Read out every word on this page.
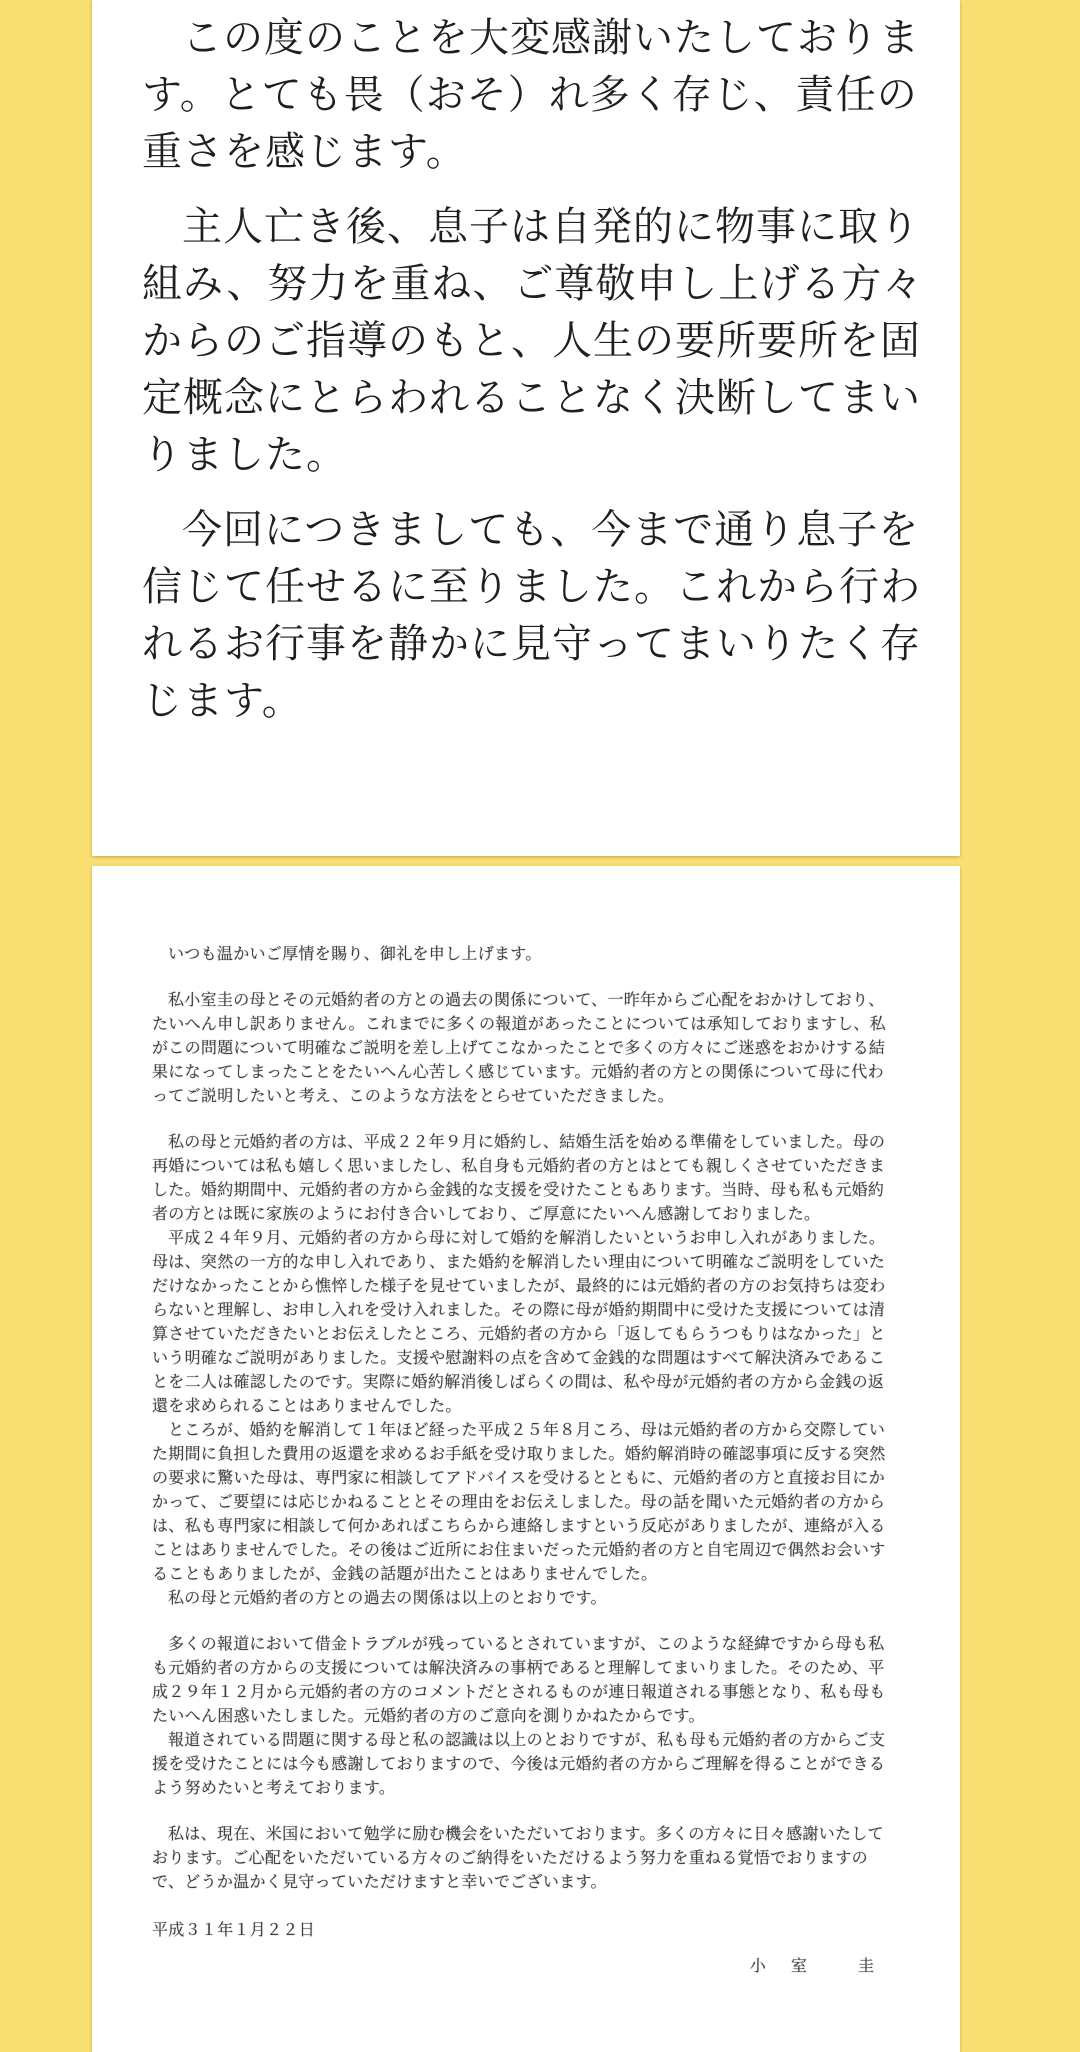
この度のことを大変感謝いたしております。とても畏（おそ）れ多く存じ、責任の重さを感じます。

主人亡き後、息子は自発的に物事に取り組み、努力を重ね、ご尊敬申し上げる方々からのご指導のもと、人生の要所要所を固定概念にとらわれることなく決断してまいりました。

今回につきましても、今まで通り息子を信じて任せるに至りました。これから行われるお行事を静かに見守ってまいりたく存じます。

いつも温かいご厚情を賜り、御礼を申し上げます。

私小室圭の母とその元婚約者の方との過去の関係について、一昨年からご心配をおかけしており、たいへん申し訳ありません。これまでに多くの報道があったことについては承知しておりますし、私がこの問題について明確なご説明を差し上げてこなかったことで多くの方々にご迷惑をおかけする結果になってしまったことをたいへん心苦しく感じています。元婚約者の方との関係について母に代わってご説明したいと考え、このような方法をとらせていただきました。

私の母と元婚約者の方は、平成２２年９月に婚約し、結婚生活を始める準備をしていました。母の再婚については私も嬉しく思いましたし、私自身も元婚約者の方とはとても親しくさせていただきました。婚約期間中、元婚約者の方から金銭的な支援を受けたこともあります。当時、母も私も元婚約者の方とは既に家族のようにお付き合いしており、ご厚意にたいへん感謝しておりました。

平成２４年９月、元婚約者の方から母に対して婚約を解消したいというお申し入れがありました。母は、突然の一方的な申し入れであり、また婚約を解消したい理由について明確なご説明をしていただけなかったことから憔悴した様子を見せていましたが、最終的には元婚約者の方のお気持ちは変わらないと理解し、お申し入れを受け入れました。その際に母が婚約期間中に受けた支援については清算させていただきたいとお伝えしたところ、元婚約者の方から「返してもらうつもりはなかった」という明確なご説明がありました。支援や慰謝料の点を含めて金銭的な問題はすべて解決済みであることを二人は確認したのです。実際に婚約解消後しばらくの間は、私や母が元婚約者の方から金銭の返還を求められることはありませんでした。

ところが、婚約を解消して１年ほど経った平成２５年８月ころ、母は元婚約者の方から交際していた期間に負担した費用の返還を求めるお手紙を受け取りました。婚約解消時の確認事項に反する突然の要求に驚いた母は、専門家に相談してアドバイスを受けるとともに、元婚約者の方と直接お目にかかって、ご要望には応じかねることとその理由をお伝えしました。母の話を聞いた元婚約者の方からは、私も専門家に相談して何かあればこちらから連絡しますという反応がありましたが、連絡が入ることはありませんでした。その後はご近所にお住まいだった元婚約者の方と自宅周辺で偶然お会いすることもありましたが、金銭の話題が出たことはありませんでした。

私の母と元婚約者の方との過去の関係は以上のとおりです。

多くの報道において借金トラブルが残っているとされていますが、このような経緯ですから母も私も元婚約者の方からの支援については解決済みの事柄であると理解してまいりました。そのため、平成２９年１２月から元婚約者の方のコメントだとされるものが連日報道される事態となり、私も母もたいへん困惑いたしました。元婚約者の方のご意向を測りかねたからです。

報道されている問題に関する母と私の認識は以上のとおりですが、私も母も元婚約者の方からご支援を受けたことには今も感謝しておりますので、今後は元婚約者の方からご理解を得ることができるよう努めたいと考えております。

私は、現在、米国において勉学に励む機会をいただいております。多くの方々に日々感謝いたしております。ご心配をいただいている方々のご納得をいただけるよう努力を重ねる覚悟でおりますので、どうか温かく見守っていただけますと幸いでございます。

平成３１年１月２２日

小 室　 圭
